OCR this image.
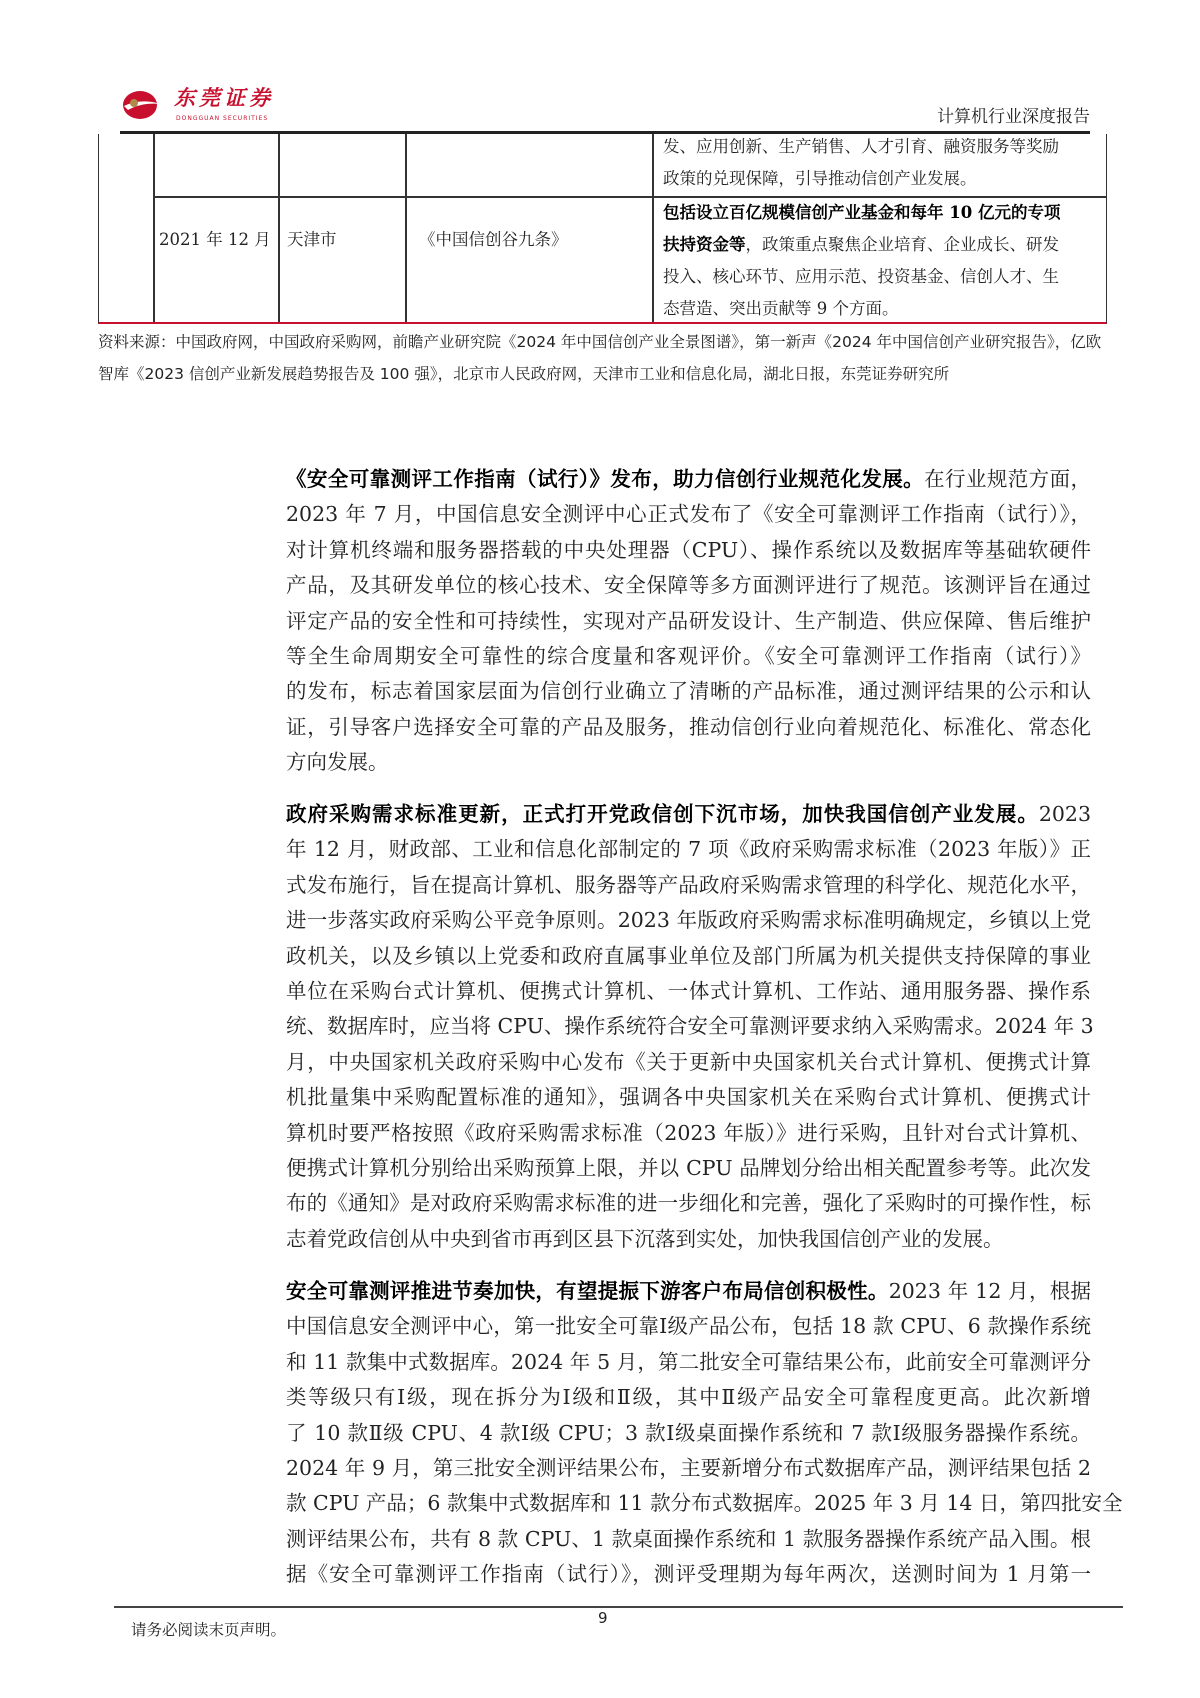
东莞证券
DONGGUAN SECURITIES	计算机行业深度报告
发、应用创新、生产销售、人才引育、融资服务等奖励
政策的兑现保障，引导推动信创产业发展。
2021 年 12 月 天津市	《中国信创谷九条》
包括设立百亿规模信创产业基金和每年 10 亿元的专项
扶持资金等，政策重点聚焦企业培育、企业成长、研发
投入、核心环节、应用示范、投资基金、信创人才、生
态营造、突出贡献等 9 个方面。
资料来源：中国政府网，中国政府采购网，前瞻产业研究院《2024 年中国信创产业全景图谱》，第一新声《2024 年中国信创产业研究报告》，亿欧智库《2023 信创产业新发展趋势报告及 100 强》，北京市人民政府网，天津市工业和信息化局，湖北日报，东莞证券研究所
《安全可靠测评工作指南（试行）》发布，助力信创行业规范化发展。在行业规范方面，
2023 年 7 月，中国信息安全测评中心正式发布了《安全可靠测评工作指南（试行）》，
对计算机终端和服务器搭载的中央处理器（CPU）、操作系统以及数据库等基础软硬件
产品，及其研发单位的核心技术、安全保障等多方面测评进行了规范。该测评旨在通过
评定产品的安全性和可持续性，实现对产品研发设计、生产制造、供应保障、售后维护
等全生命周期安全可靠性的综合度量和客观评价。《安全可靠测评工作指南（试行）》
的发布，标志着国家层面为信创行业确立了清晰的产品标准，通过测评结果的公示和认
证，引导客户选择安全可靠的产品及服务，推动信创行业向着规范化、标准化、常态化
方向发展。
政府采购需求标准更新，正式打开党政信创下沉市场，加快我国信创产业发展。2023
年 12 月，财政部、工业和信息化部制定的 7 项《政府采购需求标准（2023 年版）》正
式发布施行，旨在提高计算机、服务器等产品政府采购需求管理的科学化、规范化水平，
进一步落实政府采购公平竞争原则。2023 年版政府采购需求标准明确规定，乡镇以上党
政机关，以及乡镇以上党委和政府直属事业单位及部门所属为机关提供支持保障的事业
单位在采购台式计算机、便携式计算机、一体式计算机、工作站、通用服务器、操作系
统、数据库时，应当将 CPU、操作系统符合安全可靠测评要求纳入采购需求。2024 年 3
月，中央国家机关政府采购中心发布《关于更新中央国家机关台式计算机、便携式计算
机批量集中采购配置标准的通知》，强调各中央国家机关在采购台式计算机、便携式计
算机时要严格按照《政府采购需求标准（2023 年版）》进行采购，且针对台式计算机、
便携式计算机分别给出采购预算上限，并以 CPU 品牌划分给出相关配置参考等。此次发
布的《通知》是对政府采购需求标准的进一步细化和完善，强化了采购时的可操作性，标
志着党政信创从中央到省市再到区县下沉落到实处，加快我国信创产业的发展。
安全可靠测评推进节奏加快，有望提振下游客户布局信创积极性。2023 年 12 月，根据
中国信息安全测评中心，第一批安全可靠Ⅰ级产品公布，包括 18 款 CPU、6 款操作系统
和 11 款集中式数据库。2024 年 5 月，第二批安全可靠结果公布，此前安全可靠测评分
类等级只有Ⅰ级，现在拆分为Ⅰ级和Ⅱ级，其中Ⅱ级产品安全可靠程度更高。此次新增
了 10 款Ⅱ级 CPU、4 款Ⅰ级 CPU；3 款Ⅰ级桌面操作系统和 7 款Ⅰ级服务器操作系统。
2024 年 9 月，第三批安全测评结果公布，主要新增分布式数据库产品，测评结果包括 2
款 CPU 产品；6 款集中式数据库和 11 款分布式数据库。2025 年 3 月 14 日，第四批安全
测评结果公布，共有 8 款 CPU、1 款桌面操作系统和 1 款服务器操作系统产品入围。根
据《安全可靠测评工作指南（试行）》，测评受理期为每年两次，送测时间为 1 月第一
9
请务必阅读末页声明。
